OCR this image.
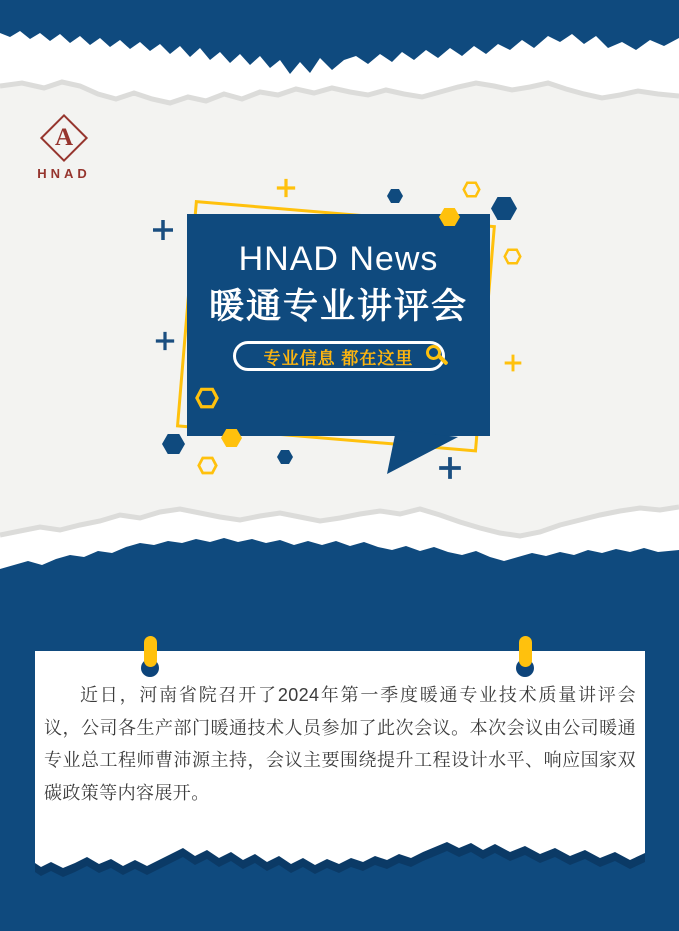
A
HNAD
HNAD News
暖通专业讲评会
专业信息 都在这里

近日，河南省院召开了2024年第一季度暖通专业技术质量讲评会议，公司各生产部门暖通技术人员参加了此次会议。本次会议由公司暖通专业总工程师曹沛源主持，会议主要围绕提升工程设计水平、响应国家双碳政策等内容展开。
